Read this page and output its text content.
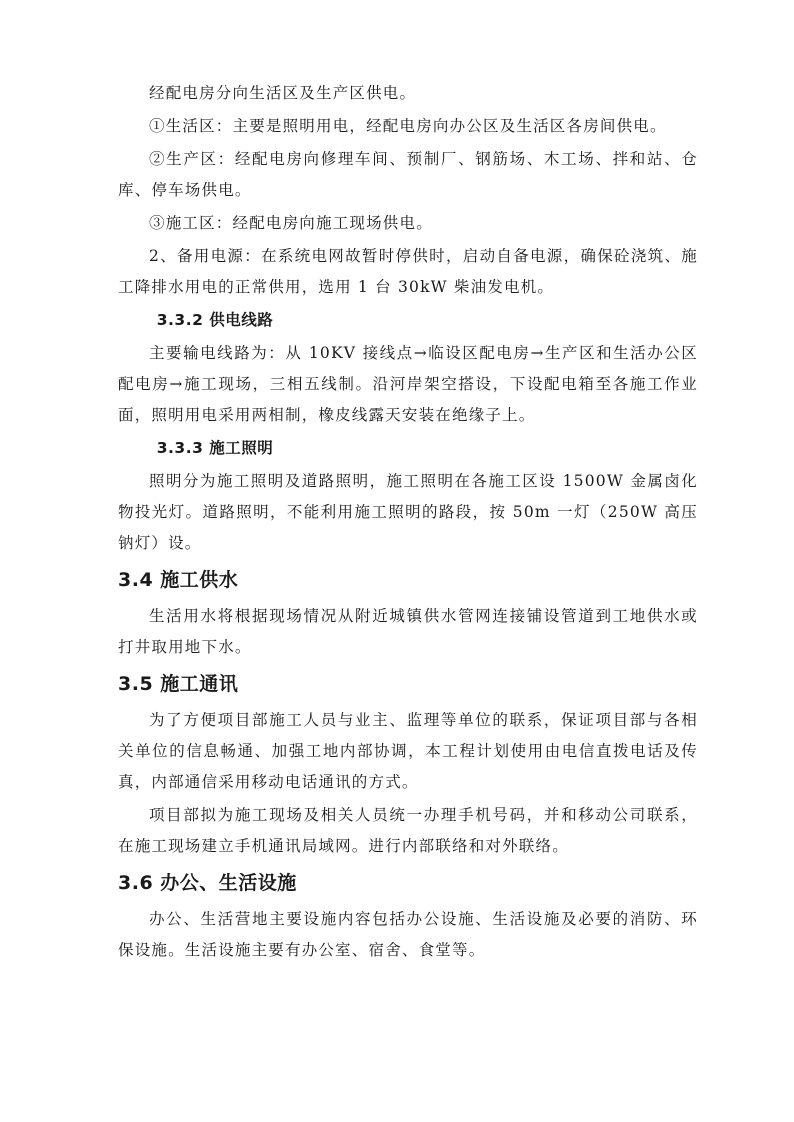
经配电房分向生活区及生产区供电。

①生活区：主要是照明用电，经配电房向办公区及生活区各房间供电。

②生产区：经配电房向修理车间、预制厂、钢筋场、木工场、拌和站、仓库、停车场供电。

③施工区：经配电房向施工现场供电。

2、备用电源：在系统电网故暂时停供时，启动自备电源，确保砼浇筑、施工降排水用电的正常供用，选用 1 台 30kW 柴油发电机。

3.3.2 供电线路

主要输电线路为：从 10KV 接线点→临设区配电房→生产区和生活办公区配电房→施工现场，三相五线制。沿河岸架空搭设，下设配电箱至各施工作业面，照明用电采用两相制，橡皮线露天安装在绝缘子上。

3.3.3 施工照明

照明分为施工照明及道路照明，施工照明在各施工区设 1500W 金属卤化物投光灯。道路照明，不能利用施工照明的路段，按 50m 一灯（250W 高压钠灯）设。

3.4 施工供水

生活用水将根据现场情况从附近城镇供水管网连接铺设管道到工地供水或打井取用地下水。

3.5 施工通讯

为了方便项目部施工人员与业主、监理等单位的联系，保证项目部与各相关单位的信息畅通、加强工地内部协调，本工程计划使用由电信直拨电话及传真，内部通信采用移动电话通讯的方式。

项目部拟为施工现场及相关人员统一办理手机号码，并和移动公司联系，在施工现场建立手机通讯局域网。进行内部联络和对外联络。

3.6 办公、生活设施

办公、生活营地主要设施内容包括办公设施、生活设施及必要的消防、环保设施。生活设施主要有办公室、宿舍、食堂等。
